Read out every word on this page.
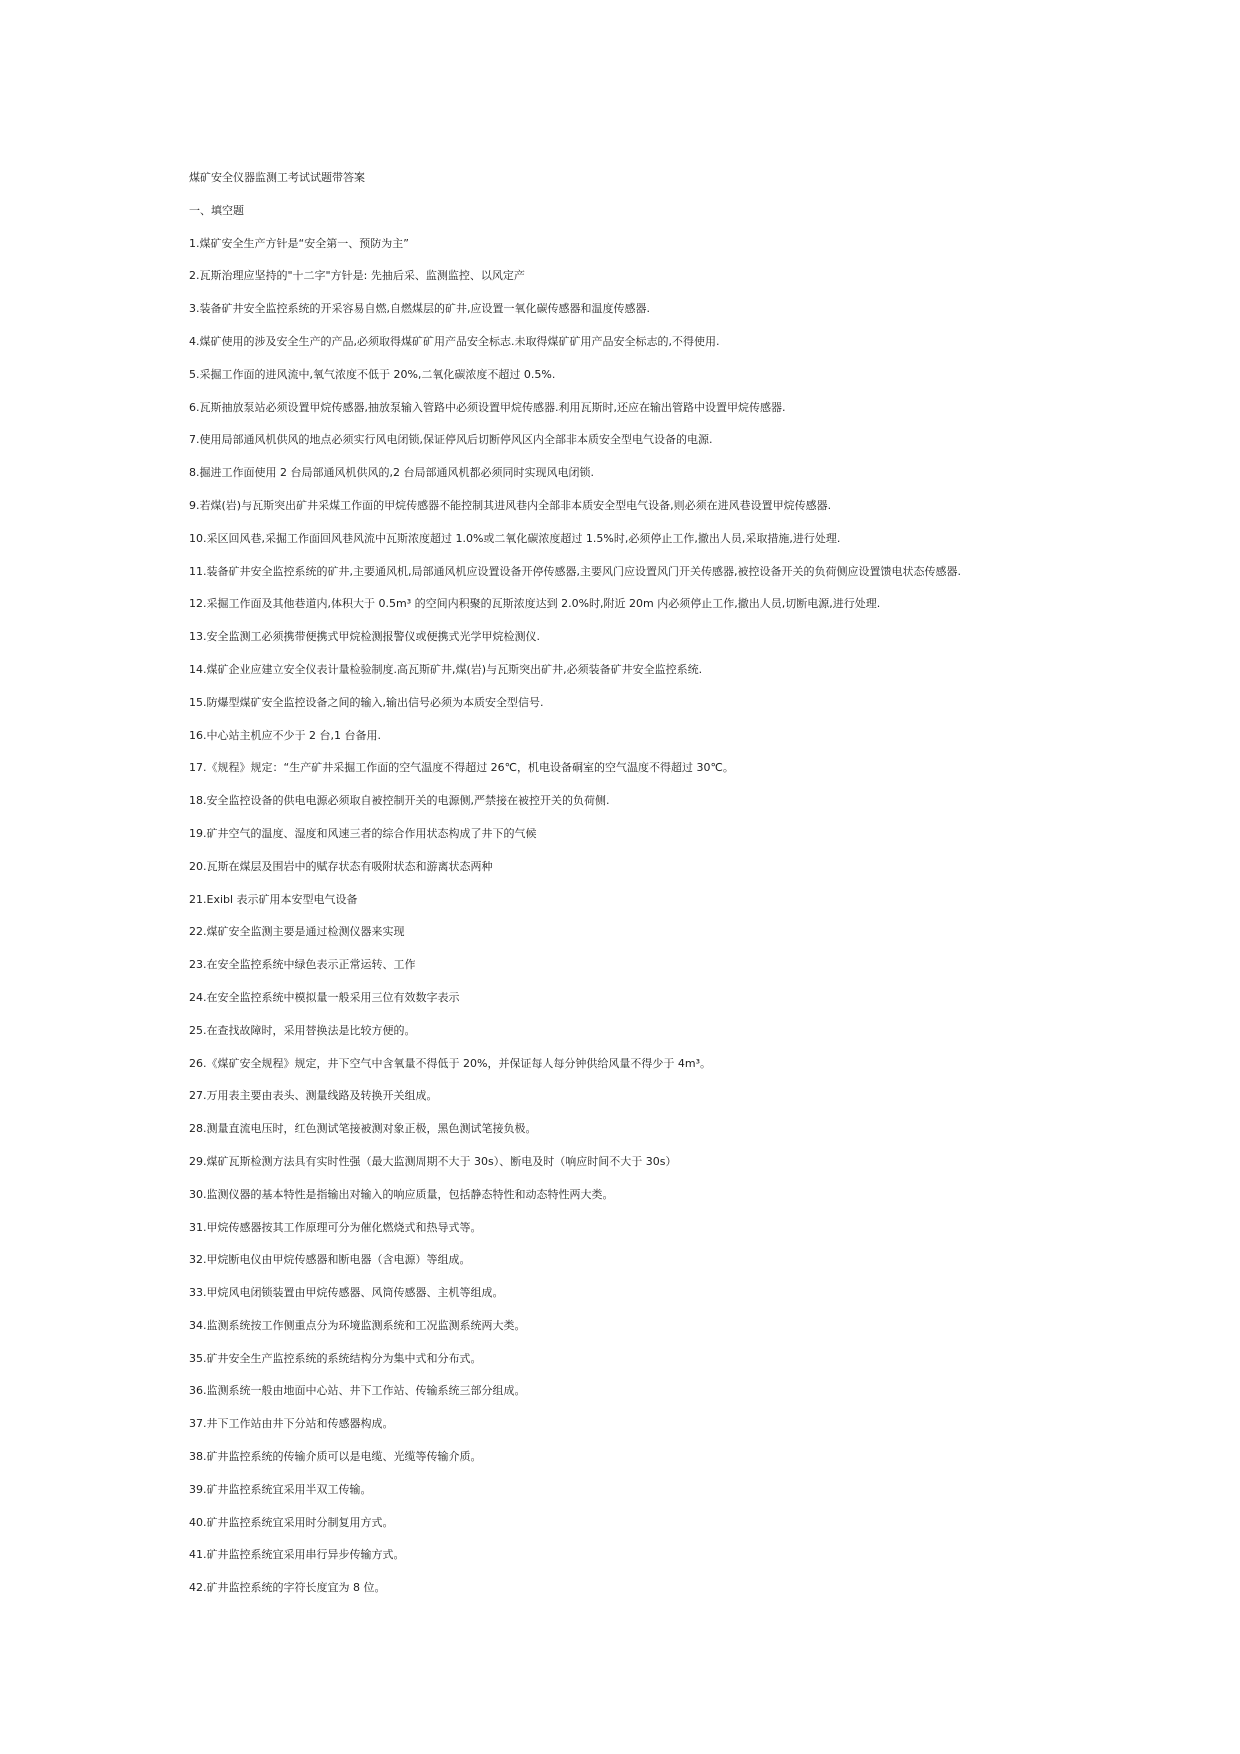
煤矿安全仪器监测工考试试题带答案
一、填空题
1.煤矿安全生产方针是“安全第一、预防为主”
2.瓦斯治理应坚持的"十二字"方针是: 先抽后采、监测监控、以风定产
3.装备矿井安全监控系统的开采容易自燃,自燃煤层的矿井,应设置一氧化碳传感器和温度传感器.
4.煤矿使用的涉及安全生产的产品,必须取得煤矿矿用产品安全标志.未取得煤矿矿用产品安全标志的,不得使用.
5.采掘工作面的进风流中,氧气浓度不低于 20%,二氧化碳浓度不超过 0.5%.
6.瓦斯抽放泵站必须设置甲烷传感器,抽放泵输入管路中必须设置甲烷传感器.利用瓦斯时,还应在输出管路中设置甲烷传感器.
7.使用局部通风机供风的地点必须实行风电闭锁,保证停风后切断停风区内全部非本质安全型电气设备的电源.
8.掘进工作面使用 2 台局部通风机供风的,2 台局部通风机都必须同时实现风电闭锁.
9.若煤(岩)与瓦斯突出矿井采煤工作面的甲烷传感器不能控制其进风巷内全部非本质安全型电气设备,则必须在进风巷设置甲烷传感器.
10.采区回风巷,采掘工作面回风巷风流中瓦斯浓度超过 1.0%或二氧化碳浓度超过 1.5%时,必须停止工作,撤出人员,采取措施,进行处理.
11.装备矿井安全监控系统的矿井,主要通风机,局部通风机应设置设备开停传感器,主要风门应设置风门开关传感器,被控设备开关的负荷侧应设置馈电状态传感器.
12.采掘工作面及其他巷道内,体积大于 0.5m³ 的空间内积聚的瓦斯浓度达到 2.0%时,附近 20m 内必须停止工作,撤出人员,切断电源,进行处理.
13.安全监测工必须携带便携式甲烷检测报警仪或便携式光学甲烷检测仪.
14.煤矿企业应建立安全仪表计量检验制度.高瓦斯矿井,煤(岩)与瓦斯突出矿井,必须装备矿井安全监控系统.
15.防爆型煤矿安全监控设备之间的输入,输出信号必须为本质安全型信号.
16.中心站主机应不少于 2 台,1 台备用.
17.《规程》规定：“生产矿井采掘工作面的空气温度不得超过 26℃，机电设备硐室的空气温度不得超过 30℃。
18.安全监控设备的供电电源必须取自被控制开关的电源侧,严禁接在被控开关的负荷侧.
19.矿井空气的温度、湿度和风速三者的综合作用状态构成了井下的气候
20.瓦斯在煤层及围岩中的赋存状态有吸附状态和游离状态两种
21.Exibl 表示矿用本安型电气设备
22.煤矿安全监测主要是通过检测仪器来实现
23.在安全监控系统中绿色表示正常运转、工作
24.在安全监控系统中模拟量一般采用三位有效数字表示
25.在查找故障时，采用替换法是比较方便的。
26.《煤矿安全规程》规定，井下空气中含氧量不得低于 20%，并保证每人每分钟供给风量不得少于 4m³。
27.万用表主要由表头、测量线路及转换开关组成。
28.测量直流电压时，红色测试笔接被测对象正极，黑色测试笔接负极。
29.煤矿瓦斯检测方法具有实时性强（最大监测周期不大于 30s）、断电及时（响应时间不大于 30s）
30.监测仪器的基本特性是指输出对输入的响应质量，包括静态特性和动态特性两大类。
31.甲烷传感器按其工作原理可分为催化燃烧式和热导式等。
32.甲烷断电仪由甲烷传感器和断电器（含电源）等组成。
33.甲烷风电闭锁装置由甲烷传感器、风筒传感器、主机等组成。
34.监测系统按工作侧重点分为环境监测系统和工况监测系统两大类。
35.矿井安全生产监控系统的系统结构分为集中式和分布式。
36.监测系统一般由地面中心站、井下工作站、传输系统三部分组成。
37.井下工作站由井下分站和传感器构成。
38.矿井监控系统的传输介质可以是电缆、光缆等传输介质。
39.矿井监控系统宜采用半双工传输。
40.矿井监控系统宜采用时分制复用方式。
41.矿井监控系统宜采用串行异步传输方式。
42.矿井监控系统的字符长度宜为 8 位。
